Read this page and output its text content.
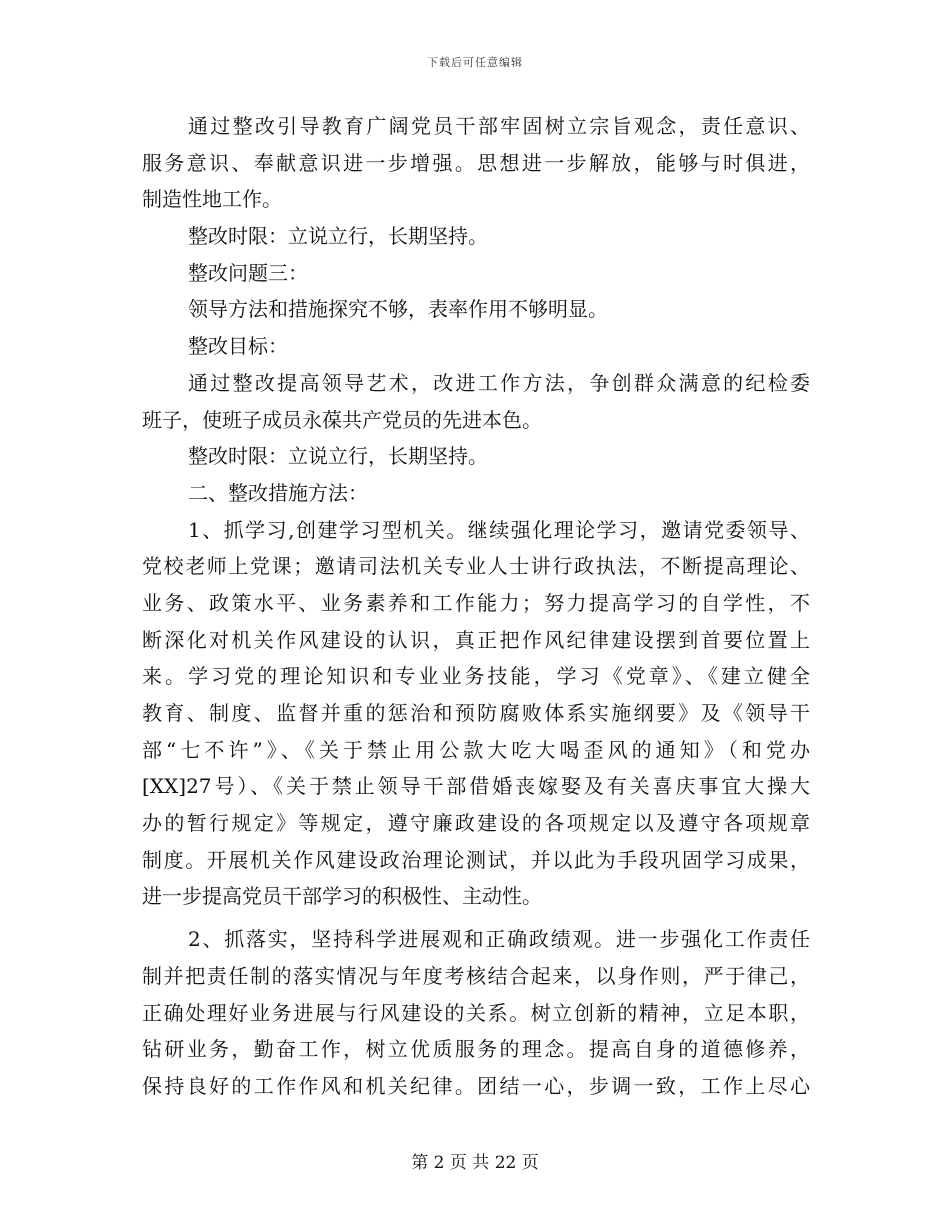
下载后可任意编辑
通过整改引导教育广阔党员干部牢固树立宗旨观念，责任意识、
服务意识、奉献意识进一步增强。思想进一步解放，能够与时俱进，
制造性地工作。
整改时限：立说立行，长期坚持。
整改问题三：
领导方法和措施探究不够，表率作用不够明显。
整改目标：
通过整改提高领导艺术，改进工作方法，争创群众满意的纪检委
班子，使班子成员永葆共产党员的先进本色。
整改时限：立说立行，长期坚持。
二、整改措施方法：
1、抓学习,创建学习型机关。继续强化理论学习，邀请党委领导、
党校老师上党课；邀请司法机关专业人士讲行政执法，不断提高理论、
业务、政策水平、业务素养和工作能力；努力提高学习的自学性，不
断深化对机关作风建设的认识，真正把作风纪律建设摆到首要位置上
来。学习党的理论知识和专业业务技能，学习《党章》、《建立健全
教育、制度、监督并重的惩治和预防腐败体系实施纲要》及《领导干
部“七不许”》、《关于禁止用公款大吃大喝歪风的通知》（和党办
[XX]27号）、《关于禁止领导干部借婚丧嫁娶及有关喜庆事宜大操大
办的暂行规定》等规定，遵守廉政建设的各项规定以及遵守各项规章
制度。开展机关作风建设政治理论测试，并以此为手段巩固学习成果，
进一步提高党员干部学习的积极性、主动性。
2、抓落实，坚持科学进展观和正确政绩观。进一步强化工作责任
制并把责任制的落实情况与年度考核结合起来，以身作则，严于律己，
正确处理好业务进展与行风建设的关系。树立创新的精神，立足本职，
钻研业务，勤奋工作，树立优质服务的理念。提高自身的道德修养，
保持良好的工作作风和机关纪律。团结一心，步调一致，工作上尽心
第 2 页 共 22 页
